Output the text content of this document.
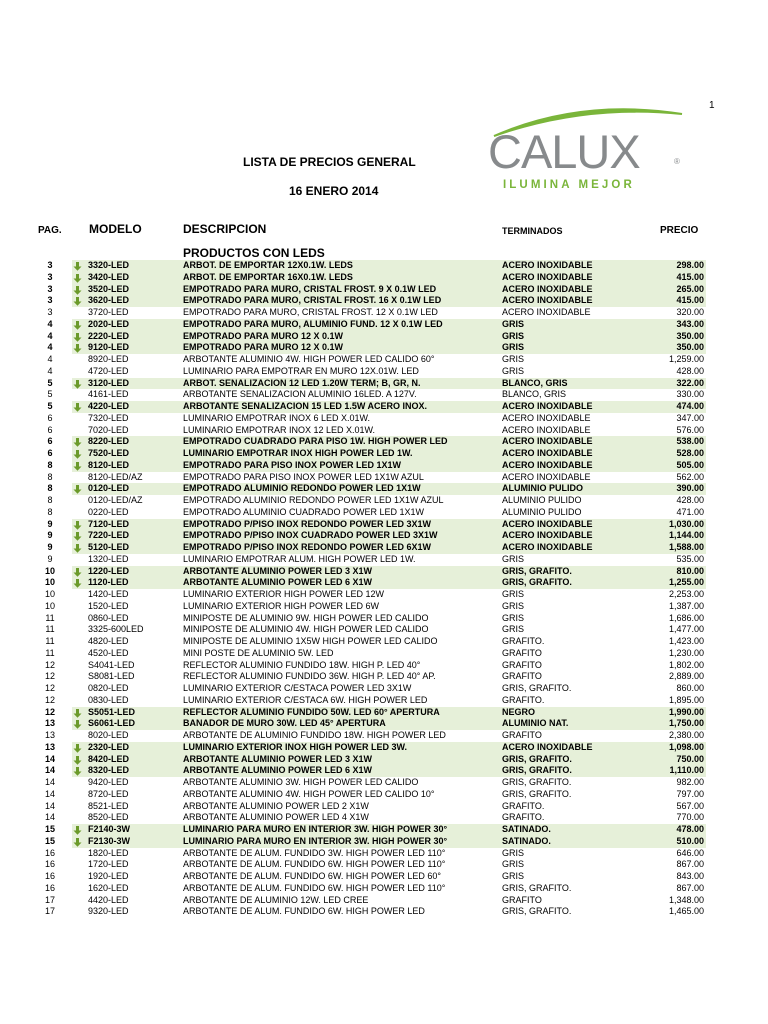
1
CALUX	®
ILUMINA MEJOR
LISTA DE PRECIOS GENERAL
16 ENERO 2014
PAG. MODELO	DESCRIPCION	TERMINADOS	PRECIO
PRODUCTOS CON LEDS
3	3320-LED	ARBOT. DE EMPORTAR 12X0.1W. LEDS	ACERO INOXIDABLE	298.00
3	3420-LED	ARBOT. DE EMPORTAR 16X0.1W. LEDS	ACERO INOXIDABLE	415.00
3	3520-LED	EMPOTRADO PARA MURO, CRISTAL FROST. 9 X 0.1W LED	ACERO INOXIDABLE	265.00
3	3620-LED	EMPOTRADO PARA MURO, CRISTAL FROST. 16 X 0.1W LED	ACERO INOXIDABLE	415.00
3	3720-LED	EMPOTRADO PARA MURO, CRISTAL FROST. 12 X 0.1W LED	ACERO INOXIDABLE	320.00
4	2020-LED	EMPOTRADO PARA MURO, ALUMINIO FUND. 12 X 0.1W LED	GRIS	343.00
4	2220-LED	EMPOTRADO PARA MURO 12 X 0.1W	GRIS	350.00
4	9120-LED	EMPOTRADO PARA MURO 12 X 0.1W	GRIS	350.00
4	8920-LED	ARBOTANTE ALUMINIO 4W. HIGH POWER LED CALIDO 60°	GRIS	1,259.00
4	4720-LED	LUMINARIO PARA EMPOTRAR EN MURO 12X.01W. LED	GRIS	428.00
5	3120-LED	ARBOT. SENALIZACION 12 LED 1.20W TERM; B, GR, N.	BLANCO, GRIS	322.00
5	4161-LED	ARBOTANTE SENALIZACION ALUMINIO 16LED. A 127V.	BLANCO, GRIS	330.00
5	4220-LED	ARBOTANTE SENALIZACION 15 LED 1.5W ACERO INOX.	ACERO INOXIDABLE	474.00
6	7320-LED	LUMINARIO EMPOTRAR INOX 6 LED X.01W.	ACERO INOXIDABLE	347.00
6	7020-LED	LUMINARIO EMPOTRAR INOX 12 LED X.01W.	ACERO INOXIDABLE	576.00
6	8220-LED	EMPOTRADO CUADRADO PARA PISO 1W. HIGH POWER LED	ACERO INOXIDABLE	538.00
6	7520-LED	LUMINARIO EMPOTRAR INOX HIGH POWER LED 1W.	ACERO INOXIDABLE	528.00
8	8120-LED	EMPOTRADO PARA PISO INOX POWER LED 1X1W	ACERO INOXIDABLE	505.00
8	8120-LED/AZ	EMPOTRADO PARA PISO INOX POWER LED 1X1W AZUL	ACERO INOXIDABLE	562.00
8	0120-LED	EMPOTRADO ALUMINIO REDONDO POWER LED 1X1W	ALUMINIO PULIDO	390.00
8	0120-LED/AZ	EMPOTRADO ALUMINIO REDONDO POWER LED 1X1W AZUL	ALUMINIO PULIDO	428.00
8	0220-LED	EMPOTRADO ALUMINIO CUADRADO POWER LED 1X1W	ALUMINIO PULIDO	471.00
9	7120-LED	EMPOTRADO P/PISO INOX REDONDO POWER LED 3X1W	ACERO INOXIDABLE	1,030.00
9	7220-LED	EMPOTRADO P/PISO INOX CUADRADO POWER LED 3X1W	ACERO INOXIDABLE	1,144.00
9	5120-LED	EMPOTRADO P/PISO INOX REDONDO POWER LED 6X1W	ACERO INOXIDABLE	1,588.00
9	1320-LED	LUMINARIO EMPOTRAR ALUM. HIGH POWER LED 1W.	GRIS	535.00
10	1220-LED	ARBOTANTE ALUMINIO POWER LED 3 X1W	GRIS, GRAFITO.	810.00
10	1120-LED	ARBOTANTE ALUMINIO POWER LED 6 X1W	GRIS, GRAFITO.	1,255.00
10	1420-LED	LUMINARIO EXTERIOR HIGH POWER LED 12W	GRIS	2,253.00
10	1520-LED	LUMINARIO EXTERIOR HIGH POWER LED 6W	GRIS	1,387.00
11	0860-LED	MINIPOSTE DE ALUMINIO 9W. HIGH POWER LED CALIDO	GRIS	1,686.00
11	3325-600LED	MINIPOSTE DE ALUMINIO 4W. HIGH POWER LED CALIDO	GRIS	1,477.00
11	4820-LED	MINIPOSTE DE ALUMINIO 1X5W HIGH POWER LED CALIDO	GRAFITO.	1,423.00
11	4520-LED	MINI POSTE DE ALUMINIO 5W. LED	GRAFITO	1,230.00
12	S4041-LED	REFLECTOR ALUMINIO FUNDIDO 18W. HIGH P. LED 40°	GRAFITO	1,802.00
12	S8081-LED	REFLECTOR ALUMINIO FUNDIDO 36W. HIGH P. LED 40° AP.	GRAFITO	2,889.00
12	0820-LED	LUMINARIO EXTERIOR C/ESTACA POWER LED 3X1W	GRIS, GRAFITO.	860.00
12	0830-LED	LUMINARIO EXTERIOR C/ESTACA 6W. HIGH POWER LED	GRAFITO.	1,895.00
12	S5051-LED	REFLECTOR ALUMINIO FUNDIDO 50W. LED 60° APERTURA	NEGRO	1,990.00
13	S6061-LED	BANADOR DE MURO 30W. LED 45° APERTURA	ALUMINIO NAT.	1,750.00
13	8020-LED	ARBOTANTE DE ALUMINIO FUNDIDO 18W. HIGH POWER LED	GRAFITO	2,380.00
13	2320-LED	LUMINARIO EXTERIOR INOX HIGH POWER LED 3W.	ACERO INOXIDABLE	1,098.00
14	8420-LED	ARBOTANTE ALUMINIO POWER LED 3 X1W	GRIS, GRAFITO.	750.00
14	8320-LED	ARBOTANTE ALUMINIO POWER LED 6 X1W	GRIS, GRAFITO.	1,110.00
14	9420-LED	ARBOTANTE ALUMINIO 3W. HIGH POWER LED CALIDO	GRIS, GRAFITO.	982.00
14	8720-LED	ARBOTANTE ALUMINIO 4W. HIGH POWER LED CALIDO 10°	GRIS, GRAFITO.	797.00
14	8521-LED	ARBOTANTE ALUMINIO POWER LED 2 X1W	GRAFITO.	567.00
14	8520-LED	ARBOTANTE ALUMINIO POWER LED 4 X1W	GRAFITO.	770.00
15	F2140-3W	LUMINARIO PARA MURO EN INTERIOR 3W. HIGH POWER 30°	SATINADO.	478.00
15	F2130-3W	LUMINARIO PARA MURO EN INTERIOR 3W. HIGH POWER 30°	SATINADO.	510.00
16	1820-LED	ARBOTANTE DE ALUM. FUNDIDO 3W. HIGH POWER LED 110°	GRIS	646.00
16	1720-LED	ARBOTANTE DE ALUM. FUNDIDO 6W. HIGH POWER LED 110°	GRIS	867.00
16	1920-LED	ARBOTANTE DE ALUM. FUNDIDO 6W. HIGH POWER LED 60°	GRIS	843.00
16	1620-LED	ARBOTANTE DE ALUM. FUNDIDO 6W. HIGH POWER LED 110°	GRIS, GRAFITO.	867.00
17	4420-LED	ARBOTANTE DE ALUMINIO 12W. LED CREE	GRAFITO	1,348.00
17	9320-LED	ARBOTANTE DE ALUM. FUNDIDO 6W. HIGH POWER LED	GRIS, GRAFITO.	1,465.00
